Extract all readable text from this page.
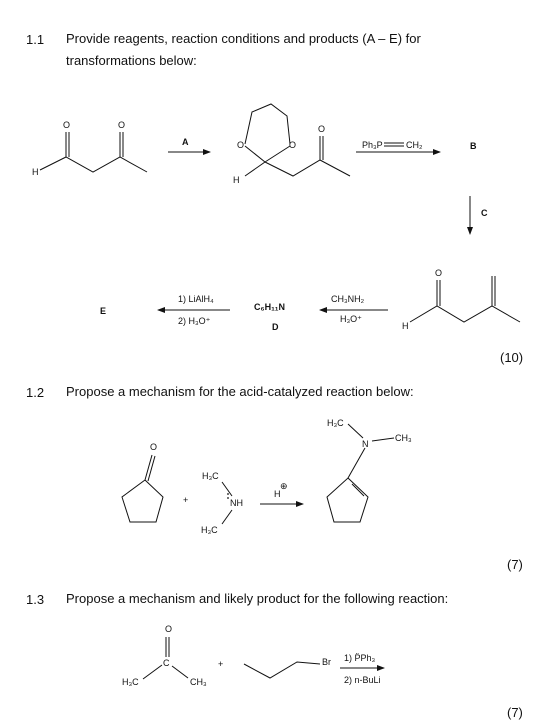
1.1 Provide reagents, reaction conditions and products (A – E) for
transformations below:
(10)
1.2 Propose a mechanism for the acid-catalyzed reaction below:
(7)
1.3 Propose a mechanism and likely product for the following reaction:
(7)
O	O
H
A	O	O
O
H
Ph₃P	CH₂	B
C
O
H
CH₃NH₂
H₃O⁺
C₆H₁₁N
D
1) LiAlH₄
2) H₃O⁺
E
O
+
H₃C
NH
H₃C
H
⊕
N
H₃C
CH₃
H₃C
C
CH₃
O
+	Br 1) P̈Ph₃
2) n-BuLi
